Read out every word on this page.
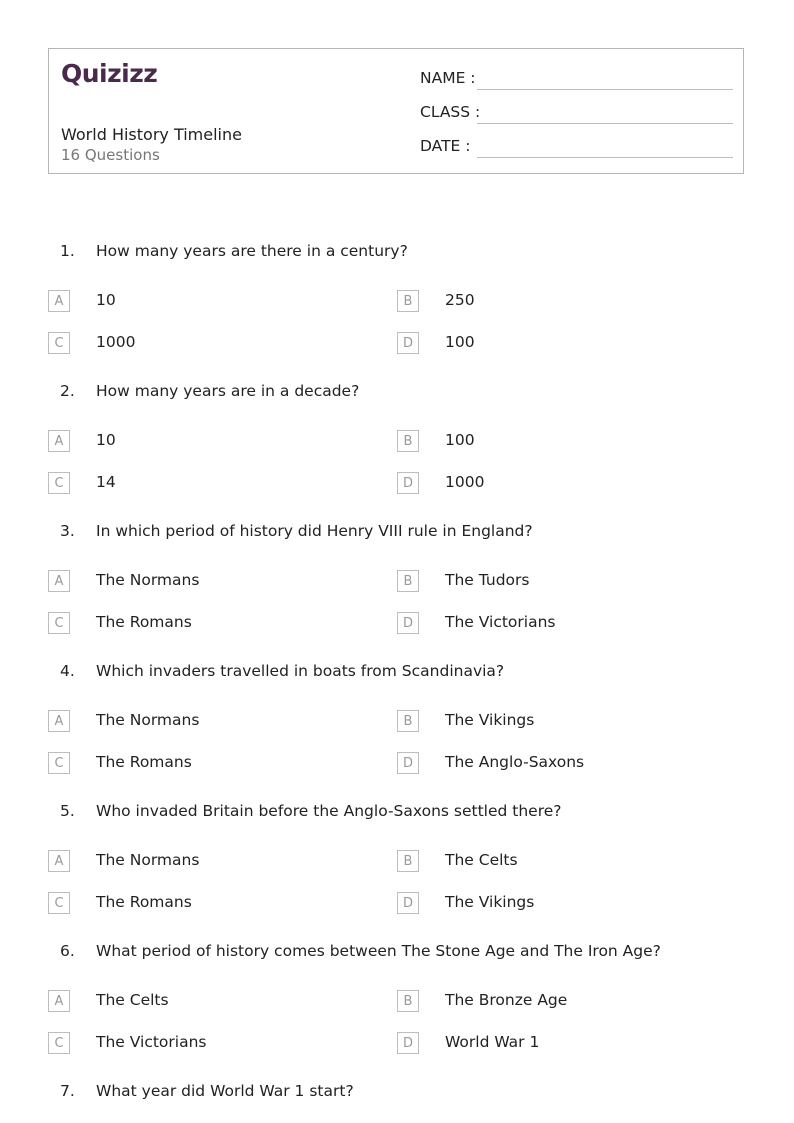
Quizizz
World History Timeline
16 Questions
NAME :
CLASS :
DATE :
1. How many years are there in a century?
A	10	B	250
C	1000	D	100
2. How many years are in a decade?
A	10	B	100
C	14	D	1000
3. In which period of history did Henry VIII rule in England?
A	The Normans	B	The Tudors
C	The Romans	D	The Victorians
4. Which invaders travelled in boats from Scandinavia?
A	The Normans	B	The Vikings
C	The Romans	D	The Anglo-Saxons
5. Who invaded Britain before the Anglo-Saxons settled there?
A	The Normans	B	The Celts
C	The Romans	D	The Vikings
6. What period of history comes between The Stone Age and The Iron Age?
A	The Celts	B	The Bronze Age
C	The Victorians	D	World War 1
7. What year did World War 1 start?
